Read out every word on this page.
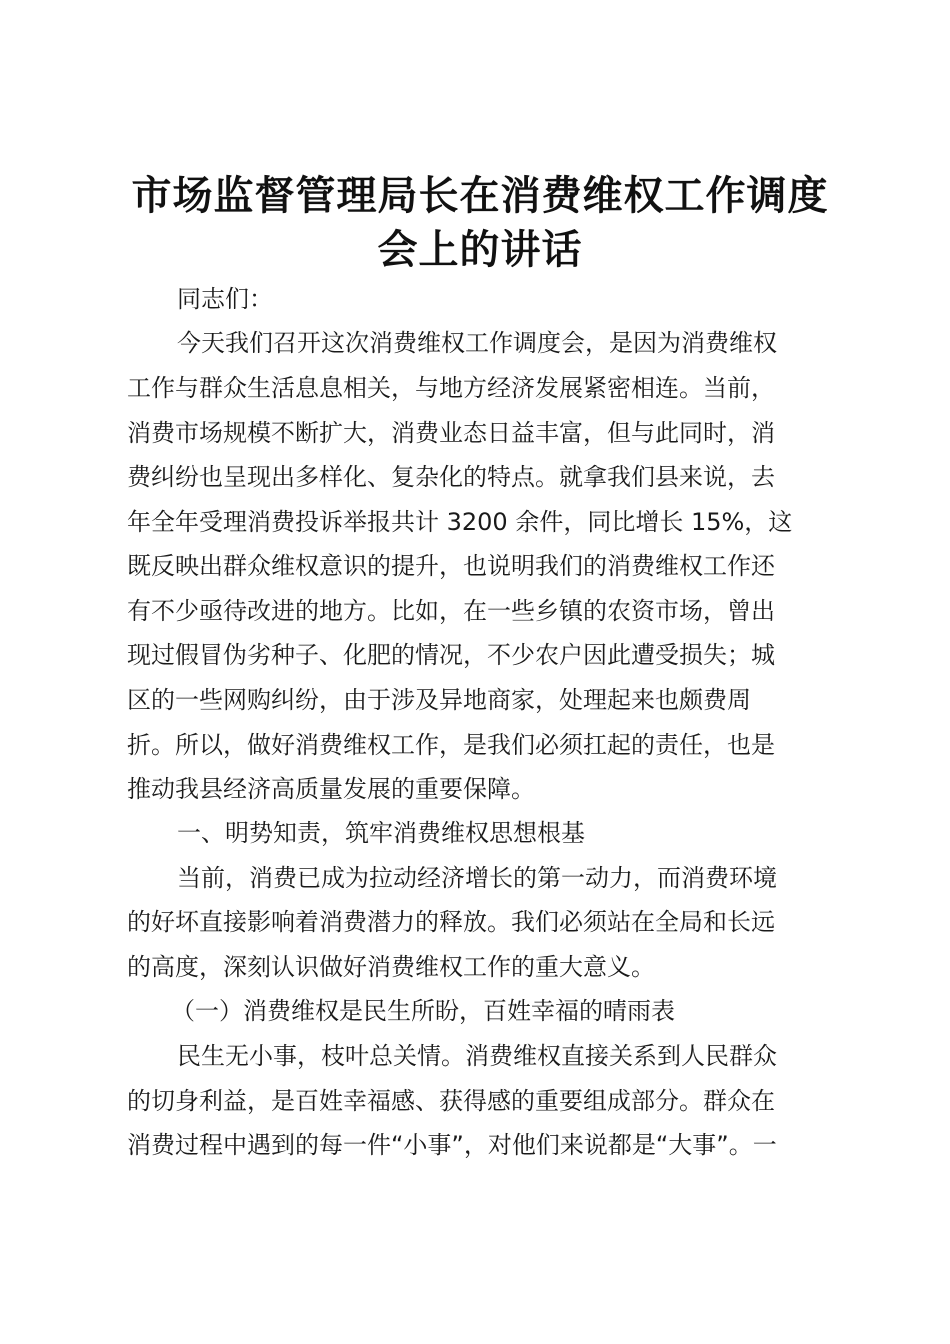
市场监督管理局长在消费维权工作调度
会上的讲话

同志们：

今天我们召开这次消费维权工作调度会，是因为消费维权

工作与群众生活息息相关，与地方经济发展紧密相连。当前，

消费市场规模不断扩大，消费业态日益丰富，但与此同时，消

费纠纷也呈现出多样化、复杂化的特点。就拿我们县来说，去

年全年受理消费投诉举报共计 3200 余件，同比增长 15%，这

既反映出群众维权意识的提升，也说明我们的消费维权工作还

有不少亟待改进的地方。比如，在一些乡镇的农资市场，曾出

现过假冒伪劣种子、化肥的情况，不少农户因此遭受损失；城

区的一些网购纠纷，由于涉及异地商家，处理起来也颇费周

折。所以，做好消费维权工作，是我们必须扛起的责任，也是

推动我县经济高质量发展的重要保障。

一、明势知责，筑牢消费维权思想根基

当前，消费已成为拉动经济增长的第一动力，而消费环境

的好坏直接影响着消费潜力的释放。我们必须站在全局和长远

的高度，深刻认识做好消费维权工作的重大意义。

（一）消费维权是民生所盼，百姓幸福的晴雨表

民生无小事，枝叶总关情。消费维权直接关系到人民群众

的切身利益，是百姓幸福感、获得感的重要组成部分。群众在

消费过程中遇到的每一件“小事”，对他们来说都是“大事”。一
